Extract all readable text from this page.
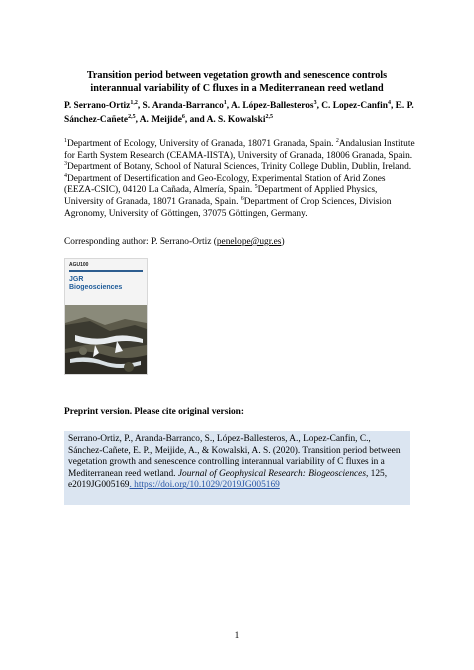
Transition period between vegetation growth and senescence controls interannual variability of C fluxes in a Mediterranean reed wetland
P. Serrano-Ortiz$^{1,2}$, S. Aranda-Barranco$^1$, A. López-Ballesteros$^3$, C. Lopez-Canfin$^4$, E. P. Sánchez-Cañete$^{2,5}$, A. Meijide$^6$, and A. S. Kowalski$^{2,5}$
$^1$Department of Ecology, University of Granada, 18071 Granada, Spain. $^2$Andalusian Institute for Earth System Research (CEAMA-IISTA), University of Granada, 18006 Granada, Spain. $^3$Department of Botany, School of Natural Sciences, Trinity College Dublin, Dublin, Ireland. $^4$Department of Desertification and Geo-Ecology, Experimental Station of Arid Zones (EEZA-CSIC), 04120 La Cañada, Almería, Spain. $^5$Department of Applied Physics, University of Granada, 18071 Granada, Spain. $^6$Department of Crop Sciences, Division Agronomy, University of Göttingen, 37075 Göttingen, Germany.
Corresponding author: P. Serrano-Ortiz (penelope@ugr.es)
AGU100
JGR
Biogeosciences
Preprint version. Please cite original version:
Serrano-Ortiz, P., Aranda-Barranco, S., López-Ballesteros, A., Lopez-Canfin, C., Sánchez-Cañete, E. P., Meijide, A., & Kowalski, A. S. (2020). Transition period between vegetation growth and senescence controlling interannual variability of C fluxes in a Mediterranean reed wetland. Journal of Geophysical Research: Biogeosciences, 125, e2019JG005169. https://doi.org/10.1029/2019JG005169
1
